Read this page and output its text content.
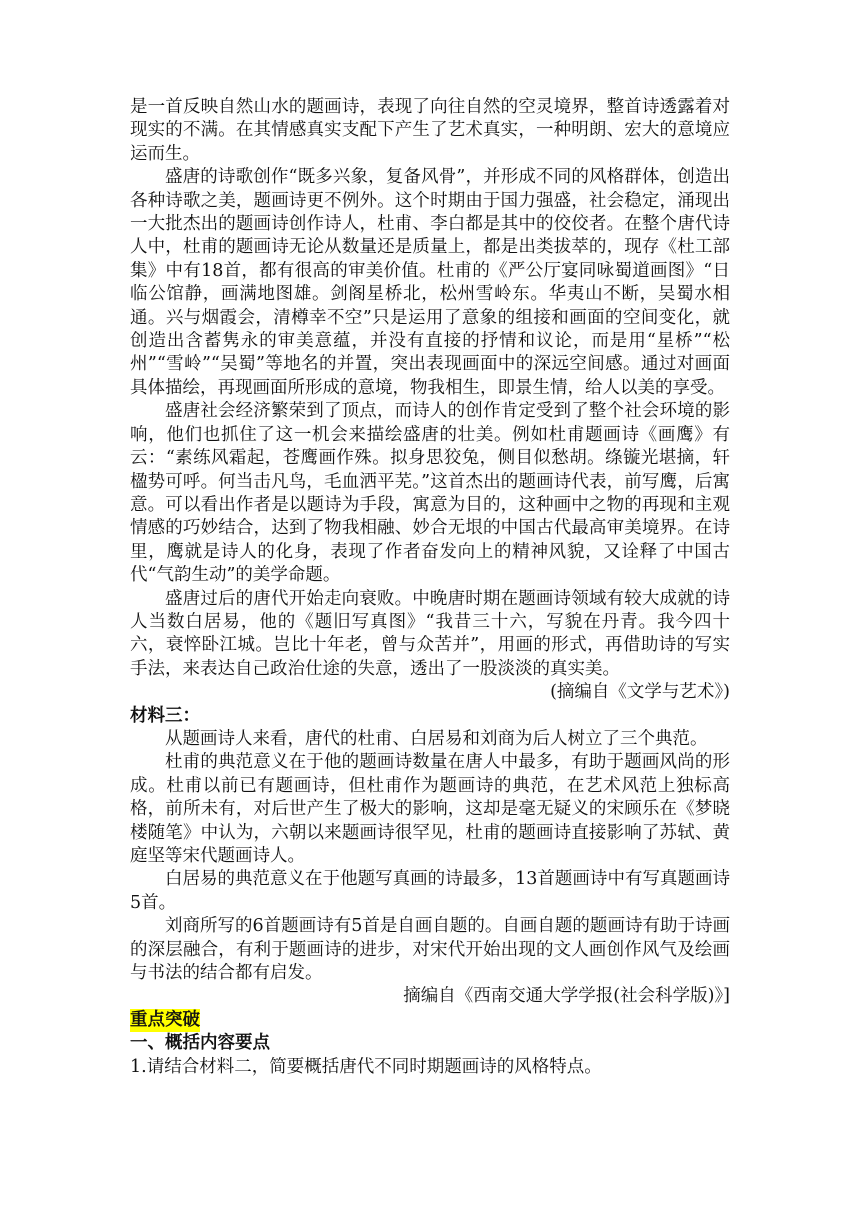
是一首反映自然山水的题画诗，表现了向往自然的空灵境界，整首诗透露着对现实的不满。在其情感真实支配下产生了艺术真实，一种明朗、宏大的意境应运而生。

盛唐的诗歌创作“既多兴象，复备风骨”，并形成不同的风格群体，创造出各种诗歌之美，题画诗更不例外。这个时期由于国力强盛，社会稳定，涌现出一大批杰出的题画诗创作诗人，杜甫、李白都是其中的佼佼者。在整个唐代诗人中，杜甫的题画诗无论从数量还是质量上，都是出类拔萃的，现存《杜工部集》中有18首，都有很高的审美价值。杜甫的《严公厅宴同咏蜀道画图》“日临公馆静，画满地图雄。剑阁星桥北，松州雪岭东。华夷山不断，吴蜀水相通。兴与烟霞会，清樽幸不空”只是运用了意象的组接和画面的空间变化，就创造出含蓄隽永的审美意蕴，并没有直接的抒情和议论，而是用“星桥”“松州”“雪岭”“吴蜀”等地名的并置，突出表现画面中的深远空间感。通过对画面具体描绘，再现画面所形成的意境，物我相生，即景生情，给人以美的享受。

盛唐社会经济繁荣到了顶点，而诗人的创作肯定受到了整个社会环境的影响，他们也抓住了这一机会来描绘盛唐的壮美。例如杜甫题画诗《画鹰》有云：“素练风霜起，苍鹰画作殊。拟身思狡兔，侧目似愁胡。绦镟光堪摘，轩楹势可呼。何当击凡鸟，毛血洒平芜。”这首杰出的题画诗代表，前写鹰，后寓意。可以看出作者是以题诗为手段，寓意为目的，这种画中之物的再现和主观情感的巧妙结合，达到了物我相融、妙合无垠的中国古代最高审美境界。在诗里，鹰就是诗人的化身，表现了作者奋发向上的精神风貌，又诠释了中国古代“气韵生动”的美学命题。

盛唐过后的唐代开始走向衰败。中晚唐时期在题画诗领域有较大成就的诗人当数白居易，他的《题旧写真图》“我昔三十六，写貌在丹青。我今四十六，衰悴卧江城。岂比十年老，曾与众苦并”，用画的形式，再借助诗的写实手法，来表达自己政治仕途的失意，透出了一股淡淡的真实美。

(摘编自《文学与艺术》)

材料三：

从题画诗人来看，唐代的杜甫、白居易和刘商为后人树立了三个典范。

杜甫的典范意义在于他的题画诗数量在唐人中最多，有助于题画风尚的形成。杜甫以前已有题画诗，但杜甫作为题画诗的典范，在艺术风范上独标高格，前所未有，对后世产生了极大的影响，这却是毫无疑义的宋顾乐在《梦晓楼随笔》中认为，六朝以来题画诗很罕见，杜甫的题画诗直接影响了苏轼、黄庭坚等宋代题画诗人。

白居易的典范意义在于他题写真画的诗最多，13首题画诗中有写真题画诗5首。

刘商所写的6首题画诗有5首是自画自题的。自画自题的题画诗有助于诗画的深层融合，有利于题画诗的进步，对宋代开始出现的文人画创作风气及绘画与书法的结合都有启发。

摘编自《西南交通大学学报(社会科学版)》]

重点突破

一、概括内容要点

1.请结合材料二，简要概括唐代不同时期题画诗的风格特点。
